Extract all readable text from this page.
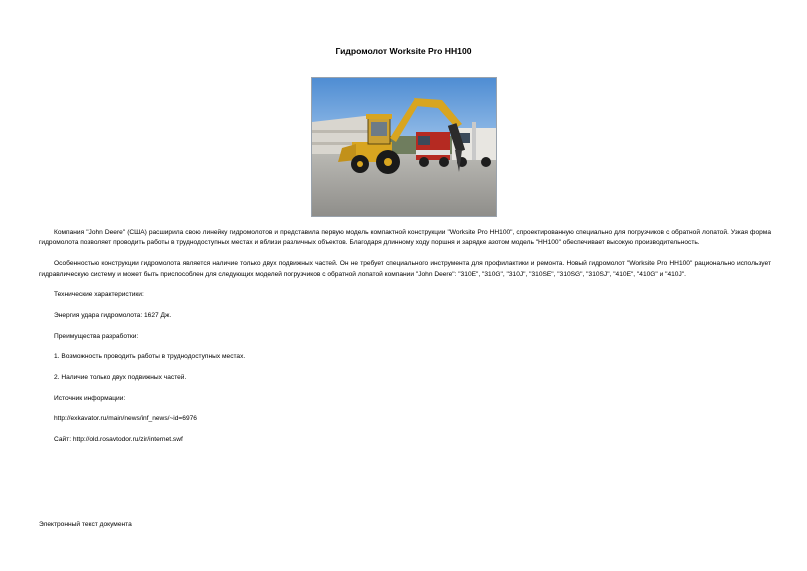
Гидромолот Worksite Pro HH100

Компания "John Deere" (США) расширила свою линейку гидромолотов и представила первую модель компактной конструкции "Worksite Pro HH100", спроектированную специально для погрузчиков с обратной лопатой. Узкая форма гидромолота позволяет проводить работы в труднодоступных местах и вблизи различных объектов. Благодаря длинному ходу поршня и зарядке азотом модель "HH100" обеспечивает высокую производительность.

Особенностью конструкции гидромолота является наличие только двух подвижных частей. Он не требует специального инструмента для профилактики и ремонта. Новый гидромолот "Worksite Pro HH100" рационально использует гидравлическую систему и может быть приспособлен для следующих моделей погрузчиков с обратной лопатой компании "John Deere": "310E", "310G", "310J", "310SE", "310SG", "310SJ", "410E", "410G" и "410J".

Технические характеристики:

Энергия удара гидромолота: 1627 Дж.

Преимущества разработки:

1. Возможность проводить работы в труднодоступных местах.

2. Наличие только двух подвижных частей.

Источник информации:

http://exkavator.ru/main/news/inf_news/~id=6976

Сайт: http://old.rosavtodor.ru/zir/internet.swf

Электронный текст документа
